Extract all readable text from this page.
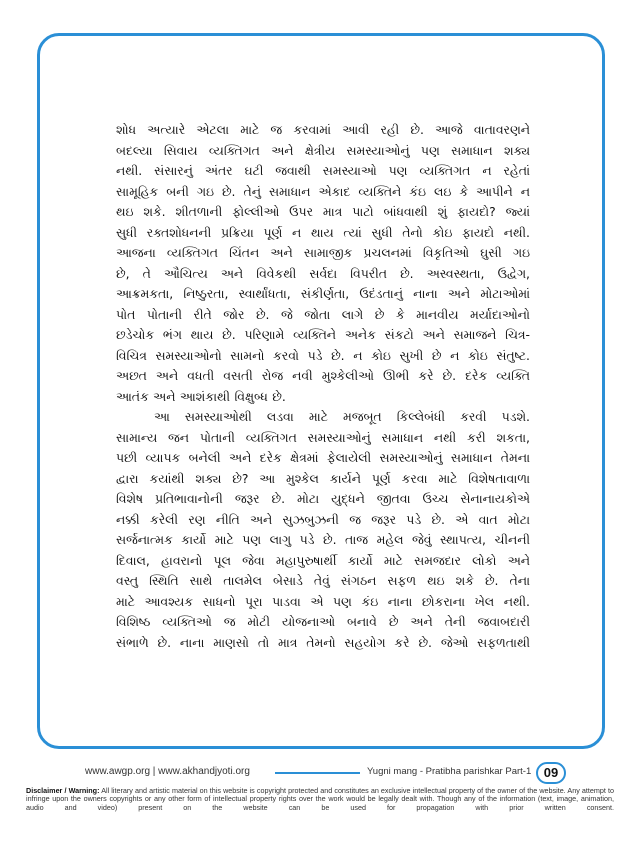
શોધ અત્યારે એટલા માટે જ કરવામાં આવી રહી છે. આજે વાતાવરણને
બદલ્યા સિવાય વ્યક્તિગત અને ક્ષેત્રીય સમસ્યાઓનું પણ સમાધાન શક્ય
નથી. સંસારનું અંતર ઘટી જવાથી સમસ્યાઓ પણ વ્યક્તિગત ન રહેતાં
સામૂહિક બની ગઇ છે. તેનું સમાધાન એકાદ વ્યક્તિને કંઇ લઇ કે આપીને ન
થઇ શકે. શીતળાની ફોલ્લીઓ ઉપર માત્ર પાટો બાંધવાથી શું ફાયદો? જ્યાં
સુધી રક્તશોધનની પ્રક્રિયા પૂર્ણ ન થાય ત્યાં સુધી તેનો કોઇ ફાયદો નથી.
આજના વ્યક્તિગત ચિંતન અને સામાજીક પ્રચલનમાં વિકૃતિઓ ઘુસી ગઇ
છે, તે ઔચિત્ય અને વિવેકથી સર્વદા વિપરીત છે. અસ્વસ્થતા, ઉદ્વેગ,
આક્રમકતા, નિષ્ઠુરતા, સ્વાર્થાંધતા, સંકીર્ણતા, ઉદંડતાનું નાના અને મોટાઓમાં
પોત પોતાની રીતે જોર છે. જે જોતા લાગે છે કે માનવીય મર્યાદાઓનો
છડેચોક ભંગ થાય છે. પરિણામે વ્યક્તિને અનેક સંકટો અને સમાજને ચિત્ર-
વિચિત્ર સમસ્યાઓનો સામનો કરવો પડે છે. ન કોઇ સુખી છે ન કોઇ સંતુષ્ટ.
અછત અને વધતી વસતી રોજ નવી મુશ્કેલીઓ ઊભી કરે છે. દરેક વ્યક્તિ
આતંક અને આશંકાથી વિક્ષુબ્ધ છે.

આ સમસ્યાઓથી લડવા માટે મજબૂત કિલ્લેબંધી કરવી પડશે.
સામાન્ય જન પોતાની વ્યક્તિગત સમસ્યાઓનું સમાધાન નથી કરી શકતા,
પછી વ્યાપક બનેલી અને દરેક ક્ષેત્રમાં ફેલાયેલી સમસ્યાઓનું સમાધાન તેમના
દ્વારા કયાંથી શક્ય છે? આ મુશ્કેલ કાર્યને પૂર્ણ કરવા માટે વિશેષતાવાળા
વિશેષ પ્રતિભાવાનોની જરૂર છે. મોટા યુદ્ધને જીતવા ઉચ્ચ સેનાનાયકોએ
નક્કી કરેલી રણ નીતિ અને સુઝબુઝની જ જરૂર પડે છે. એ વાત મોટા
સર્જનાત્મક કાર્યો માટે પણ લાગુ પડે છે. તાજ મહેલ જેવું સ્થાપત્ય, ચીનની
દિવાલ, હાવરાનો પૂલ જેવા મહાપુરુષાર્થી કાર્યો માટે સમજદાર લોકો અને
વસ્તુ સ્થિતિ સાથે તાલમેલ બેસાડે તેવું સંગઠન સફળ થઇ શકે છે. તેના
માટે આવશ્યક સાધનો પૂરા પાડવા એ પણ કંઇ નાના છોકરાના ખેલ નથી.
વિશિષ્ઠ વ્યક્તિઓ જ મોટી યોજનાઓ બનાવે છે અને તેની જવાબદારી
સંભાળે છે. નાના માણસો તો માત્ર તેમનો સહયોગ કરે છે. જેઓ સફળતાથી

www.awgp.org | www.akhandjyoti.org	Yugni mang - Pratibha parishkar Part-1 09
Disclaimer / Warning: All literary and artistic material on this website is copyright protected and constitutes an exclusive intellectual property of the owner of the website. Any attempt to infringe upon the owners copyrights or any other form of intellectual property rights over the work would be legally dealt with. Though any of the information (text, image, animation, audio and video) present on the website can be used for propagation with prior written consent.
